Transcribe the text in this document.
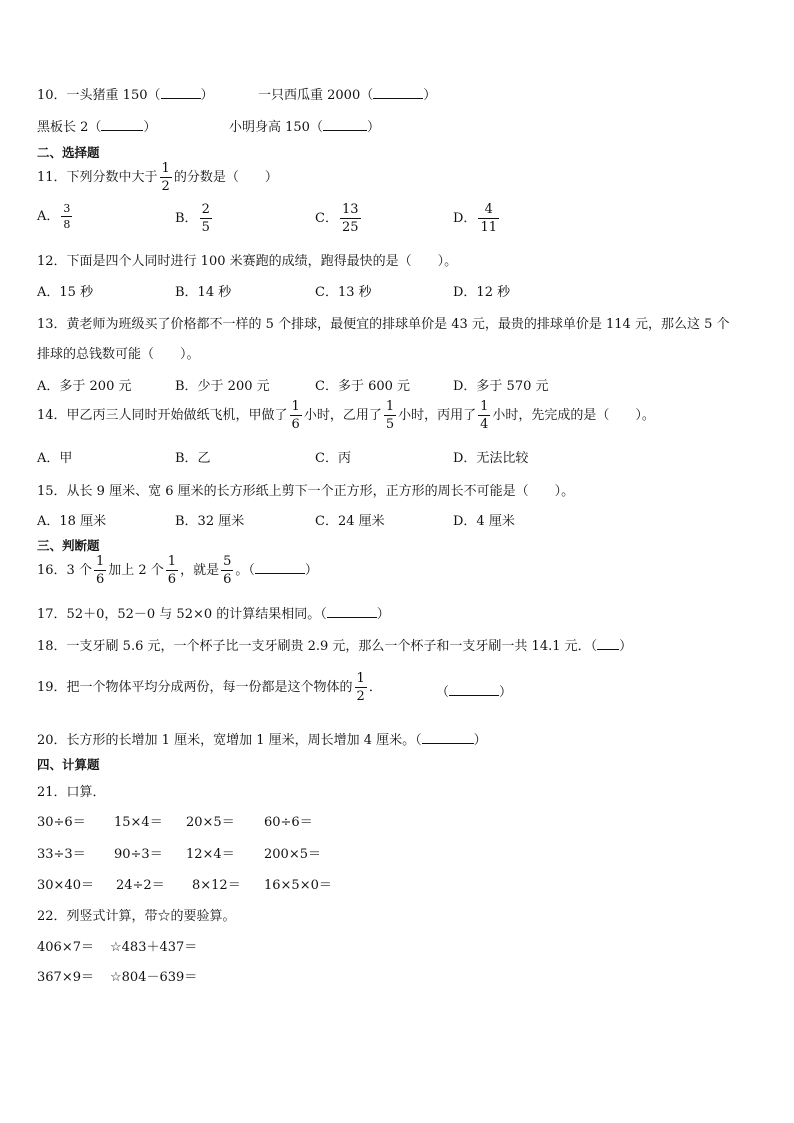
10．一头猪重 150（	）	一只西瓜重 2000（	）
黑板长 2（	）	小明身高 150（	）
二、选择题
11．下列分数中大于 $\frac{1}{2}$ 的分数是（　　）
A． $\frac{3}{8}$	B． $\frac{2}{5}$	C． $\frac{13}{25}$	D． $\frac{4}{11}$
12．下面是四个人同时进行 100 米赛跑的成绩，跑得最快的是（　　）。
A．15 秒	B．14 秒	C．13 秒	D．12 秒
13．黄老师为班级买了价格都不一样的 5 个排球，最便宜的排球单价是 43 元，最贵的排球单价是 114 元，那么这 5 个
排球的总钱数可能（　　）。
A．多于 200 元	B．少于 200 元	C．多于 600 元	D．多于 570 元
14．甲乙丙三人同时开始做纸飞机，甲做了 $\frac{1}{6}$ 小时，乙用了 $\frac{1}{5}$ 小时，丙用了 $\frac{1}{4}$ 小时，先完成的是（　　）。
A．甲	B．乙	C．丙	D．无法比较
15．从长 9 厘米、宽 6 厘米的长方形纸上剪下一个正方形，正方形的周长不可能是（　　）。
A．18 厘米	B．32 厘米	C．24 厘米	D．4 厘米
三、判断题
16．3 个 $\frac{1}{6}$ 加上 2 个 $\frac{1}{6}$ ，就是 $\frac{5}{6}$ 。（	）
17．52＋0，52－0 与 52×0 的计算结果相同。（	）
18．一支牙刷 5.6 元，一个杯子比一支牙刷贵 2.9 元，那么一个杯子和一支牙刷一共 14.1 元．（ ）
19．把一个物体平均分成两份，每一份都是这个物体的 $\frac{1}{2}$ ．	（	）
20．长方形的长增加 1 厘米，宽增加 1 厘米，周长增加 4 厘米。（	）
四、计算题
21．口算．
30÷6＝ 15×4＝ 20×5＝ 60÷6＝
33÷3＝ 90÷3＝ 12×4＝ 200×5＝
30×40＝ 24÷2＝ 8×12＝ 16×5×0＝
22．列竖式计算，带☆的要验算。
406×7＝ ☆483＋437＝
367×9＝ ☆804－639＝
